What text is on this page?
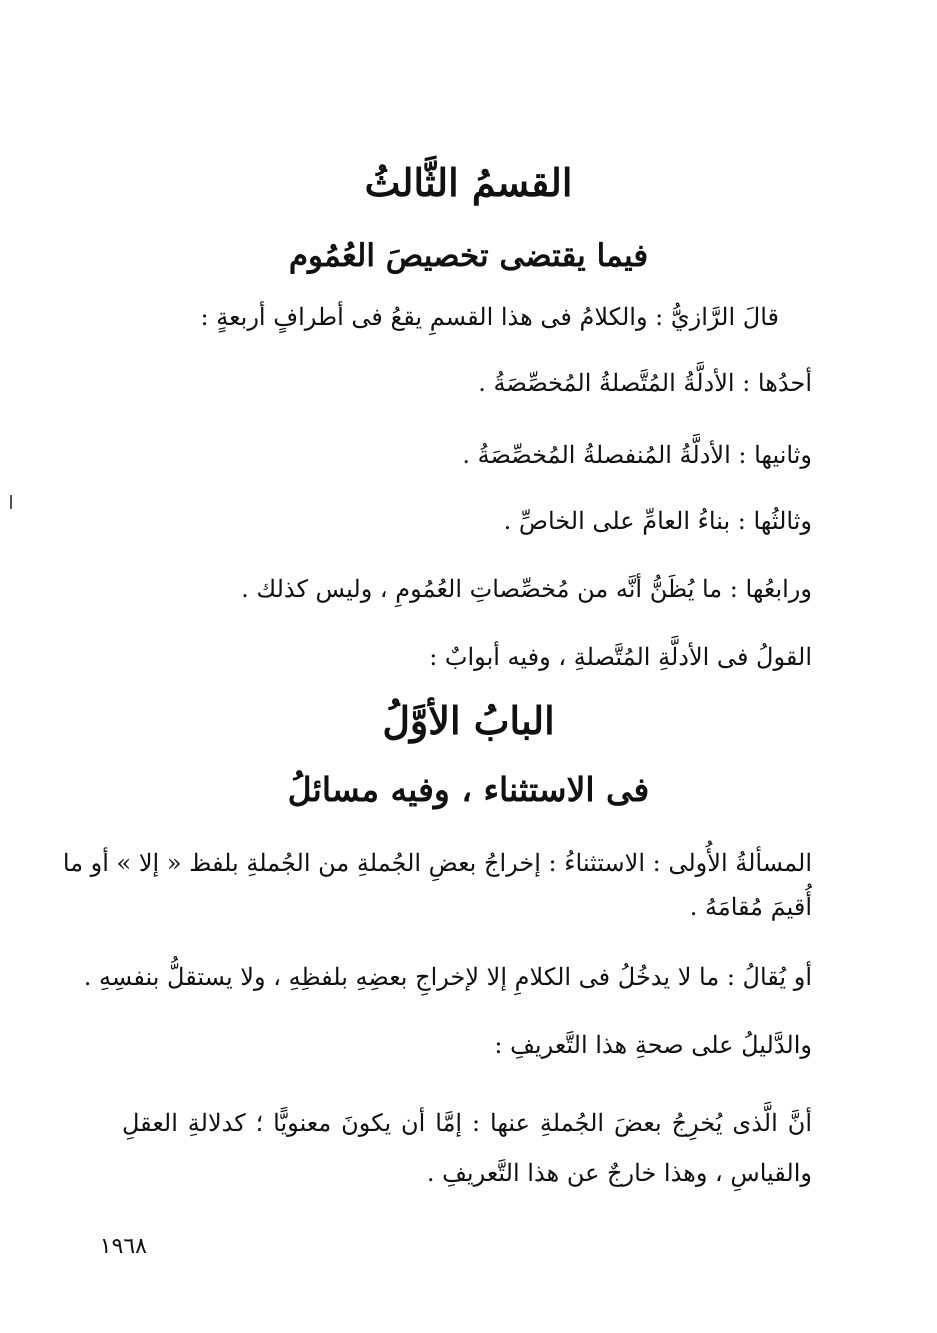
القسمُ الثَّالثُ
فيما يقتضى تخصيصَ العُمُوم
قالَ الرَّازيُّ : والكلامُ فى هذا القسمِ يقعُ فى أطرافٍ أربعةٍ :
أحدُها : الأدلَّةُ المُتَّصلةُ المُخصِّصَةُ .
وثانيها : الأدلَّةُ المُنفصلةُ المُخصِّصَةُ .
وثالثُها : بناءُ العامِّ على الخاصِّ .
ورابعُها : ما يُظَنُّ أنَّه من مُخصِّصاتِ العُمُومِ ، وليس كذلك .
القولُ فى الأدلَّةِ المُتَّصلةِ ، وفيه أبوابٌ :
البابُ الأوَّلُ
فى الاستثناء ، وفيه مسائلُ
المسألةُ الأُولى : الاستثناءُ : إخراجُ بعضِ الجُملةِ من الجُملةِ بلفظ « إلا » أو ما
أُقيمَ مُقامَهُ .
أو يُقالُ : ما لا يدخُلُ فى الكلامِ إلا لإخراجِ بعضِهِ بلفظِهِ ، ولا يستقلُّ بنفسِهِ .
والدَّليلُ على صحةِ هذا التَّعريفِ :
أنَّ الَّذى يُخرِجُ بعضَ الجُملةِ عنها : إمَّا أن يكونَ معنويًّا ؛ كدلالةِ العقلِ
والقياسِ ، وهذا خارجٌ عن هذا التَّعريفِ .
١٩٦٨
